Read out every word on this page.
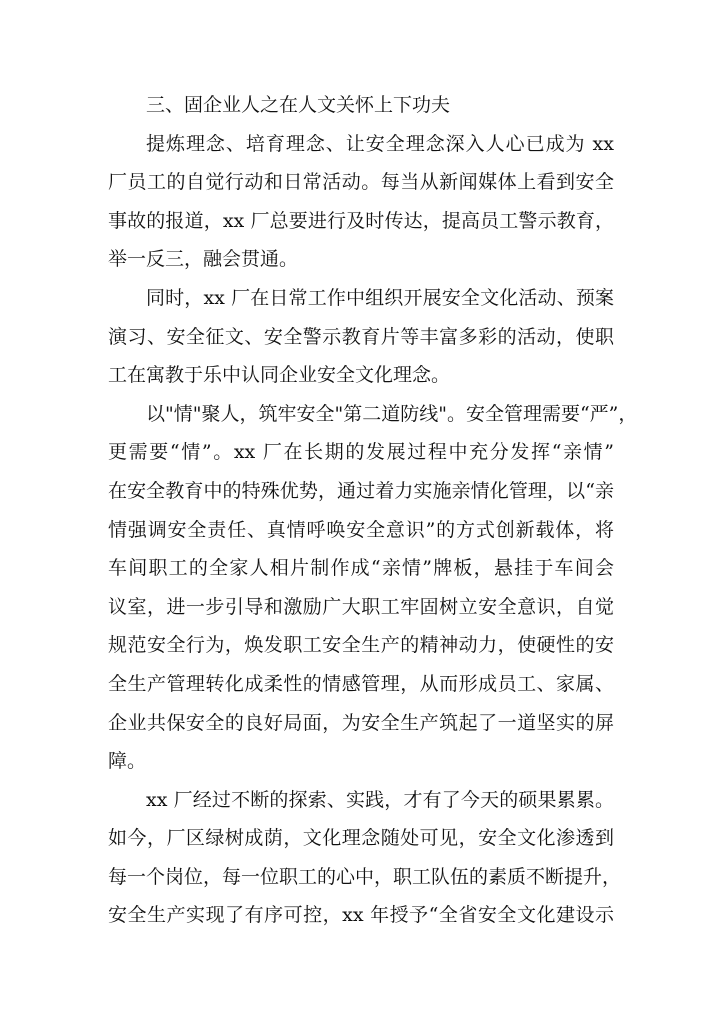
三、固企业人之在人文关怀上下功夫
提炼理念、培育理念、让安全理念深入人心已成为 xx
厂员工的自觉行动和日常活动。每当从新闻媒体上看到安全
事故的报道，xx 厂总要进行及时传达，提高员工警示教育，
举一反三，融会贯通。
同时，xx 厂在日常工作中组织开展安全文化活动、预案
演习、安全征文、安全警示教育片等丰富多彩的活动，使职
工在寓教于乐中认同企业安全文化理念。
以"情"聚人，筑牢安全"第二道防线"。安全管理需要“严”，
更需要“情”。xx 厂在长期的发展过程中充分发挥“亲情”
在安全教育中的特殊优势，通过着力实施亲情化管理，以“亲
情强调安全责任、真情呼唤安全意识”的方式创新载体，将
车间职工的全家人相片制作成“亲情”牌板，悬挂于车间会
议室，进一步引导和激励广大职工牢固树立安全意识，自觉
规范安全行为，焕发职工安全生产的精神动力，使硬性的安
全生产管理转化成柔性的情感管理，从而形成员工、家属、
企业共保安全的良好局面，为安全生产筑起了一道坚实的屏
障。
xx 厂经过不断的探索、实践，才有了今天的硕果累累。
如今，厂区绿树成荫，文化理念随处可见，安全文化渗透到
每一个岗位，每一位职工的心中，职工队伍的素质不断提升，
安全生产实现了有序可控，xx 年授予“全省安全文化建设示
